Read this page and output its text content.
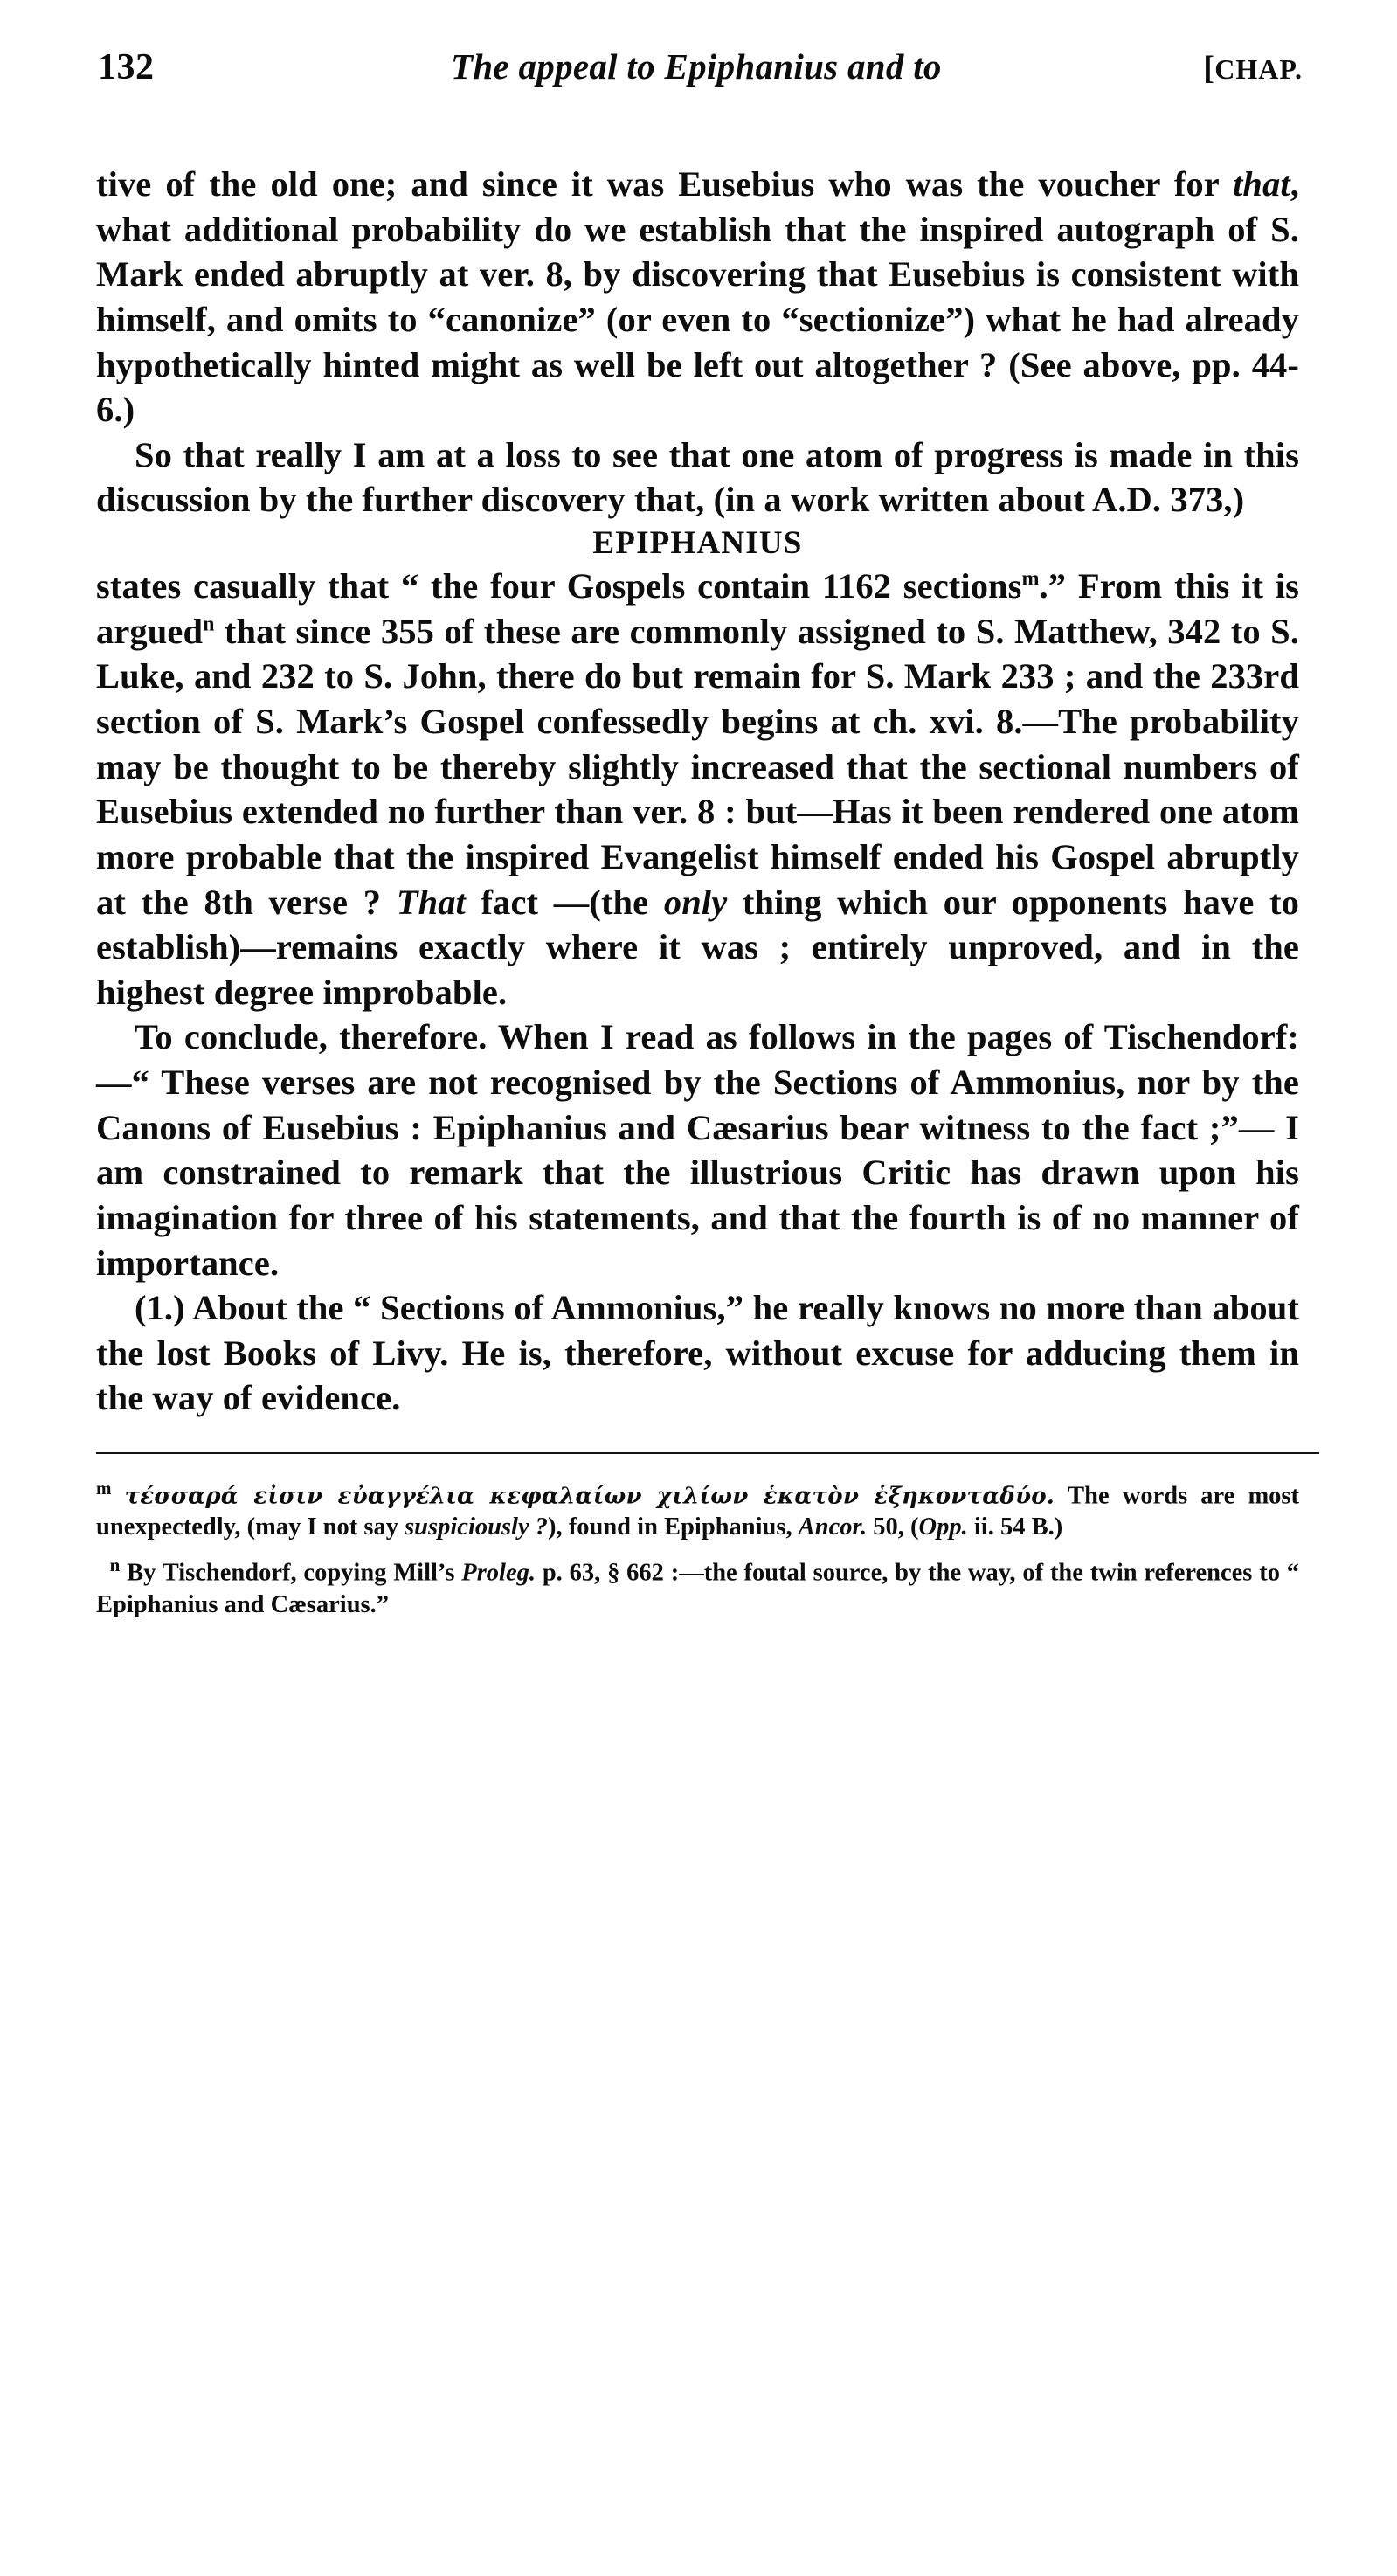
132	The appeal to Epiphanius and to	[CHAP.

tive of the old one; and since it was Eusebius who was the voucher for that, what additional probability do we establish that the inspired autograph of S. Mark ended abruptly at ver. 8, by discovering that Eusebius is consistent with himself, and omits to “canonize” (or even to “sectionize”) what he had already hypothetically hinted might as well be left out altogether ? (See above, pp. 44-6.)

So that really I am at a loss to see that one atom of progress is made in this discussion by the further discovery that, (in a work written about A.D. 373,)

EPIPHANIUS

states casually that “ the four Gospels contain 1162 sections$^m$.” From this it is argued$^n$ that since 355 of these are commonly assigned to S. Matthew, 342 to S. Luke, and 232 to S. John, there do but remain for S. Mark 233 ; and the 233rd section of S. Mark’s Gospel confessedly begins at ch. xvi. 8.—The probability may be thought to be thereby slightly increased that the sectional numbers of Eusebius extended no further than ver. 8 : but—Has it been rendered one atom more probable that the inspired Evangelist himself ended his Gospel abruptly at the 8th verse ? That fact —(the only thing which our opponents have to establish)—remains exactly where it was ; entirely unproved, and in the highest degree improbable.

To conclude, therefore. When I read as follows in the pages of Tischendorf:—“ These verses are not recognised by the Sections of Ammonius, nor by the Canons of Eusebius : Epiphanius and Cæsarius bear witness to the fact ;”— I am constrained to remark that the illustrious Critic has drawn upon his imagination for three of his statements, and that the fourth is of no manner of importance.

(1.) About the “ Sections of Ammonius,” he really knows no more than about the lost Books of Livy. He is, therefore, without excuse for adducing them in the way of evidence.

$^m$ τέσσαρά εἰσιν εὐαγγέλια κεφαλαίων χιλίων ἑκατὸν ἑξηκονταδύο. The words are most unexpectedly, (may I not say suspiciously ?), found in Epiphanius, Ancor. 50, (Opp. ii. 54 B.)

$^n$ By Tischendorf, copying Mill’s Proleg. p. 63, § 662 :—the foutal source, by the way, of the twin references to “ Epiphanius and Cæsarius.”
